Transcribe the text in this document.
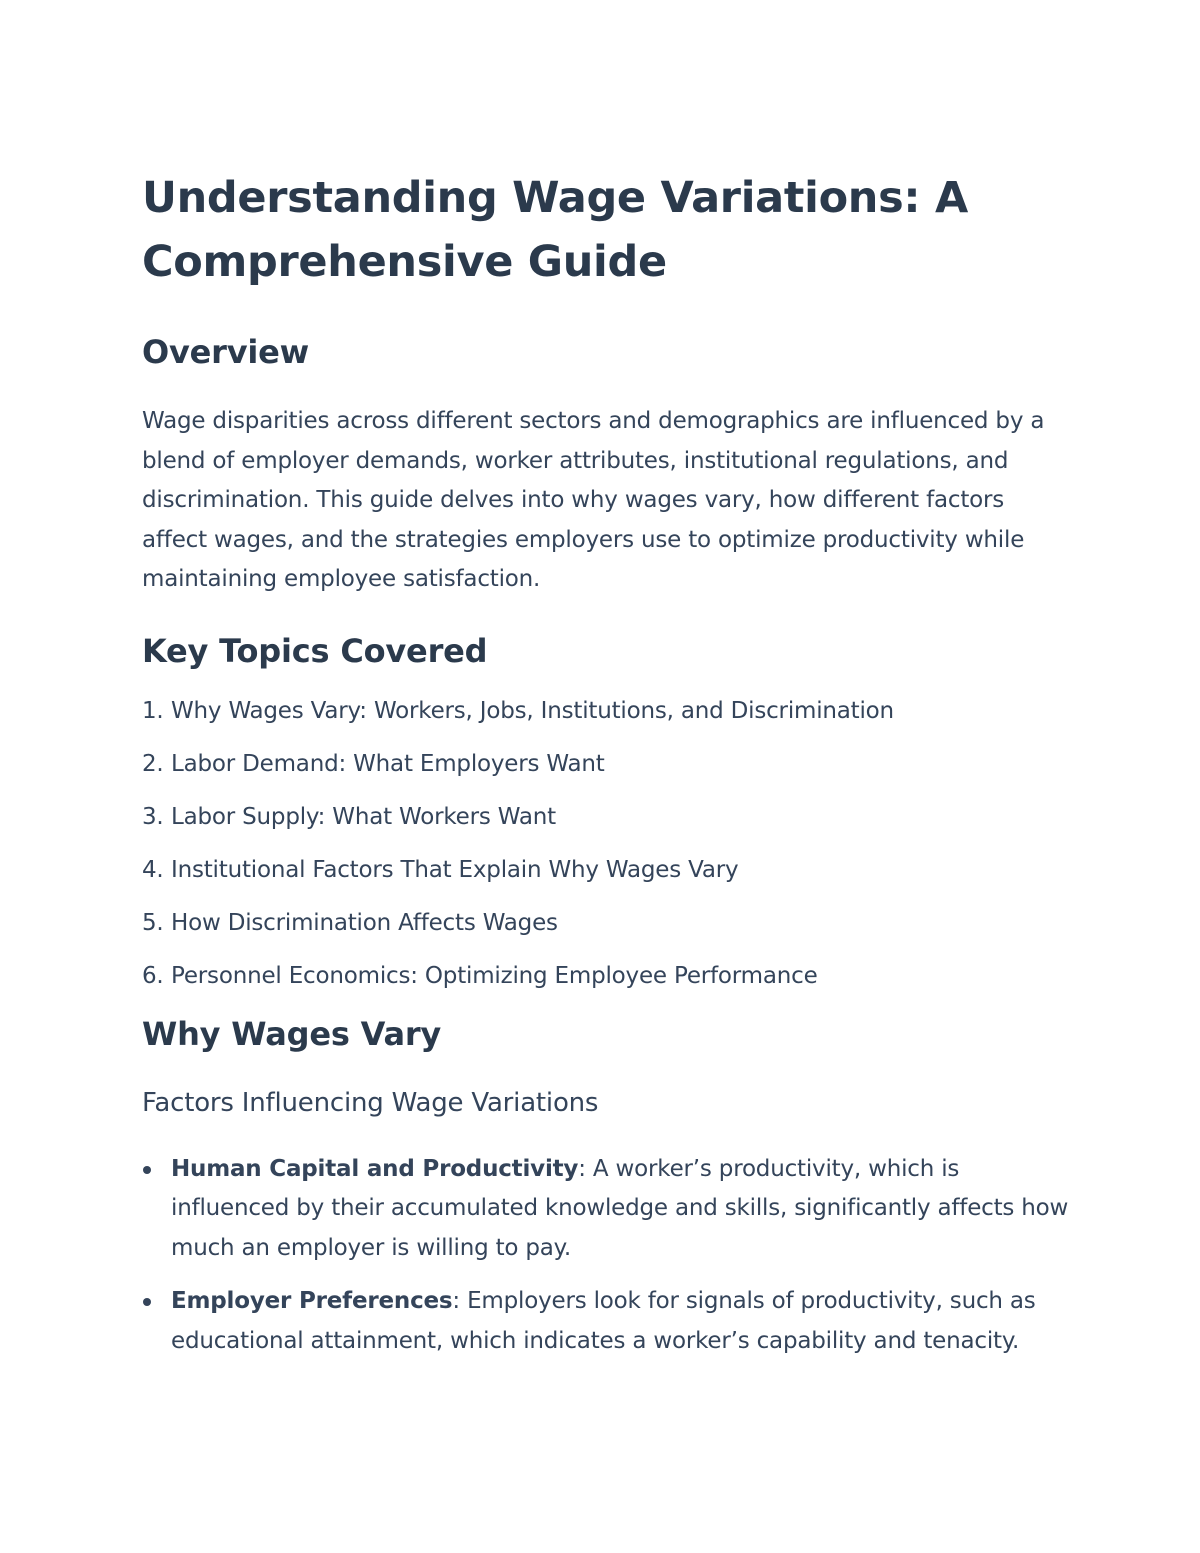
Understanding Wage Variations: A Comprehensive Guide
Overview

Wage disparities across different sectors and demographics are influenced by a blend of employer demands, worker attributes, institutional regulations, and discrimination. This guide delves into why wages vary, how different factors affect wages, and the strategies employers use to optimize productivity while maintaining employee satisfaction.

Key Topics Covered
1. Why Wages Vary: Workers, Jobs, Institutions, and Discrimination
2. Labor Demand: What Employers Want
3. Labor Supply: What Workers Want
4. Institutional Factors That Explain Why Wages Vary
5. How Discrimination Affects Wages
6. Personnel Economics: Optimizing Employee Performance
Why Wages Vary
Factors Influencing Wage Variations
Human Capital and Productivity: A worker’s productivity, which is influenced by their accumulated knowledge and skills, significantly affects how much an employer is willing to pay.
Employer Preferences: Employers look for signals of productivity, such as educational attainment, which indicates a worker’s capability and tenacity.
